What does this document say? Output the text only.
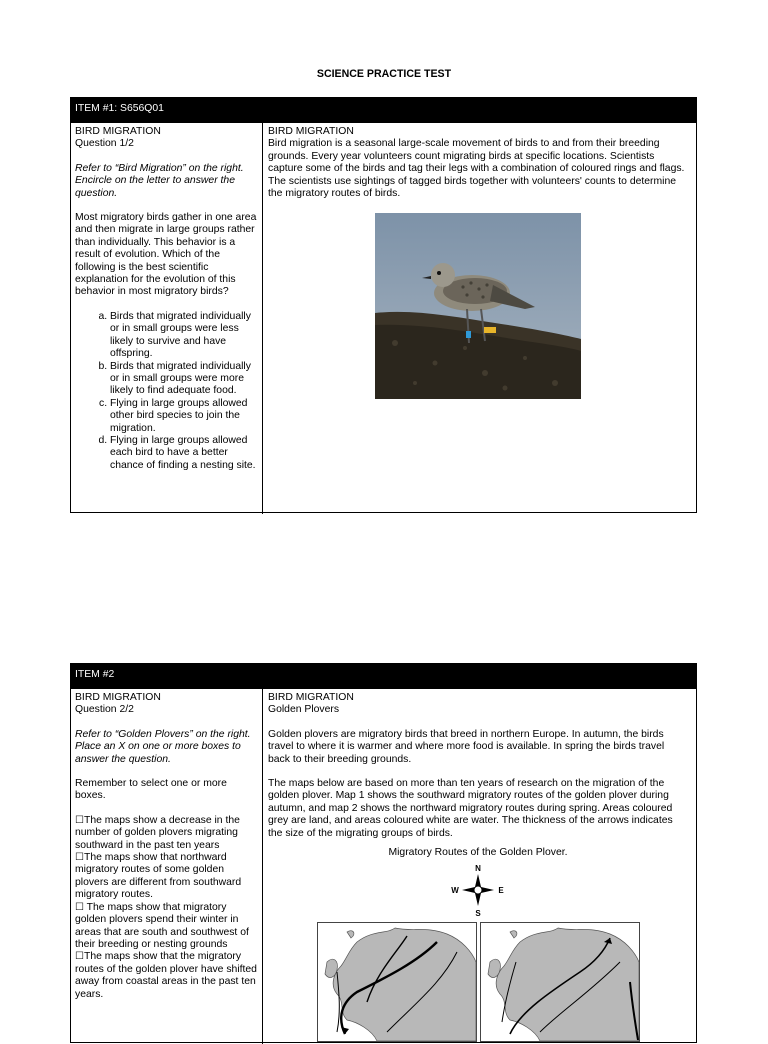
SCIENCE PRACTICE TEST
ITEM #1: S656Q01

BIRD MIGRATION

Question 1/2

Refer to “Bird Migration” on the right. Encircle on the letter to answer the question.

Most migratory birds gather in one area and then migrate in large groups rather than individually. This behavior is a result of evolution. Which of the following is the best scientific explanation for the evolution of this behavior in most migratory birds?

a. Birds that migrated individually or in small groups were less likely to survive and have offspring.
b. Birds that migrated individually or in small groups were more likely to find adequate food.
c. Flying in large groups allowed other bird species to join the migration.
d. Flying in large groups allowed each bird to have a better chance of finding a nesting site.

BIRD MIGRATION

Bird migration is a seasonal large-scale movement of birds to and from their breeding grounds. Every year volunteers count migrating birds at specific locations. Scientists capture some of the birds and tag their legs with a combination of coloured rings and flags. The scientists use sightings of tagged birds together with volunteers' counts to determine the migratory routes of birds.

ITEM #2

BIRD MIGRATION

Question 2/2

Refer to “Golden Plovers” on the right. Place an X on one or more boxes to answer the question.

Remember to select one or more boxes.

☐ The maps show a decrease in the number of golden plovers migrating southward in the past ten years

☐ The maps show that northward migratory routes of some golden plovers are different from southward migratory routes.

☐ The maps show that migratory golden plovers spend their winter in areas that are south and southwest of their breeding or nesting grounds

☐ The maps show that the migratory routes of the golden plover have shifted away from coastal areas in the past ten years.

BIRD MIGRATION

Golden Plovers

Golden plovers are migratory birds that breed in northern Europe. In autumn, the birds travel to where it is warmer and where more food is available. In spring the birds travel back to their breeding grounds.

The maps below are based on more than ten years of research on the migration of the golden plover. Map 1 shows the southward migratory routes of the golden plover during autumn, and map 2 shows the northward migratory routes during spring. Areas coloured grey are land, and areas coloured white are water. The thickness of the arrows indicates the size of the migrating groups of birds.

Migratory Routes of the Golden Plover.

N
S
W	E
